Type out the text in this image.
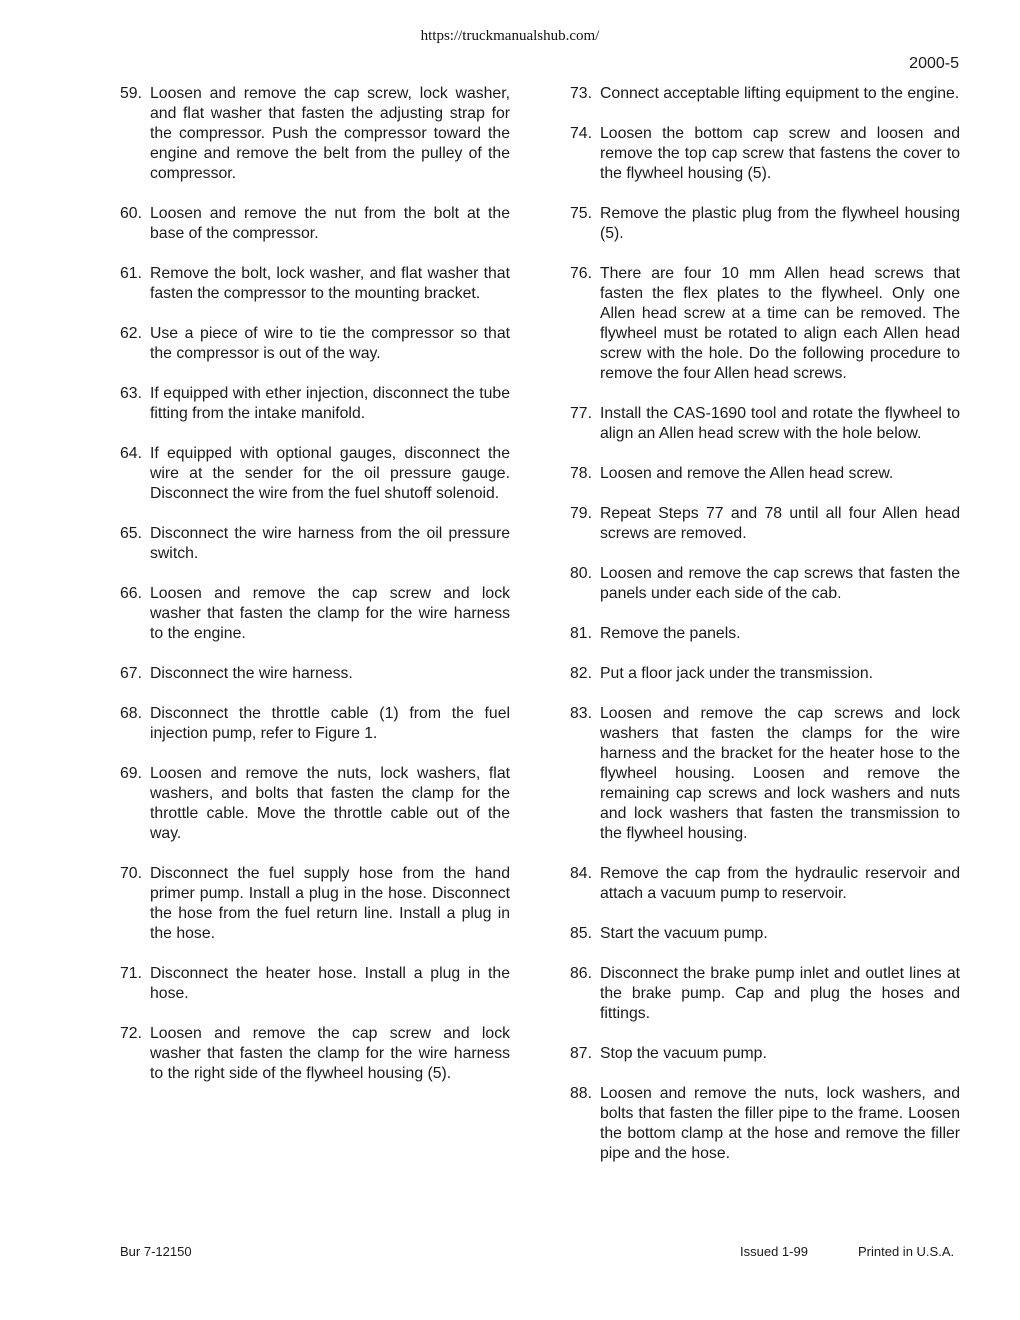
https://truckmanualshub.com/
2000-5
59. Loosen and remove the cap screw, lock washer, and flat washer that fasten the adjusting strap for the compressor. Push the compressor toward the engine and remove the belt from the pulley of the compressor.
60. Loosen and remove the nut from the bolt at the base of the compressor.
61. Remove the bolt, lock washer, and flat washer that fasten the compressor to the mounting bracket.
62. Use a piece of wire to tie the compressor so that the compressor is out of the way.
63. If equipped with ether injection, disconnect the tube fitting from the intake manifold.
64. If equipped with optional gauges, disconnect the wire at the sender for the oil pressure gauge. Disconnect the wire from the fuel shutoff solenoid.
65. Disconnect the wire harness from the oil pressure switch.
66. Loosen and remove the cap screw and lock washer that fasten the clamp for the wire harness to the engine.
67. Disconnect the wire harness.
68. Disconnect the throttle cable (1) from the fuel injection pump, refer to Figure 1.
69. Loosen and remove the nuts, lock washers, flat washers, and bolts that fasten the clamp for the throttle cable. Move the throttle cable out of the way.
70. Disconnect the fuel supply hose from the hand primer pump. Install a plug in the hose. Disconnect the hose from the fuel return line. Install a plug in the hose.
71. Disconnect the heater hose. Install a plug in the hose.
72. Loosen and remove the cap screw and lock washer that fasten the clamp for the wire harness to the right side of the flywheel housing (5).
73. Connect acceptable lifting equipment to the engine.
74. Loosen the bottom cap screw and loosen and remove the top cap screw that fastens the cover to the flywheel housing (5).
75. Remove the plastic plug from the flywheel housing (5).
76. There are four 10 mm Allen head screws that fasten the flex plates to the flywheel. Only one Allen head screw at a time can be removed. The flywheel must be rotated to align each Allen head screw with the hole. Do the following procedure to remove the four Allen head screws.
77. Install the CAS-1690 tool and rotate the flywheel to align an Allen head screw with the hole below.
78. Loosen and remove the Allen head screw.
79. Repeat Steps 77 and 78 until all four Allen head screws are removed.
80. Loosen and remove the cap screws that fasten the panels under each side of the cab.
81. Remove the panels.
82. Put a floor jack under the transmission.
83. Loosen and remove the cap screws and lock washers that fasten the clamps for the wire harness and the bracket for the heater hose to the flywheel housing. Loosen and remove the remaining cap screws and lock washers and nuts and lock washers that fasten the transmission to the flywheel housing.
84. Remove the cap from the hydraulic reservoir and attach a vacuum pump to reservoir.
85. Start the vacuum pump.
86. Disconnect the brake pump inlet and outlet lines at the brake pump. Cap and plug the hoses and fittings.
87. Stop the vacuum pump.
88. Loosen and remove the nuts, lock washers, and bolts that fasten the filler pipe to the frame. Loosen the bottom clamp at the hose and remove the filler pipe and the hose.
Bur 7-12150	Issued 1-99	Printed in U.S.A.
